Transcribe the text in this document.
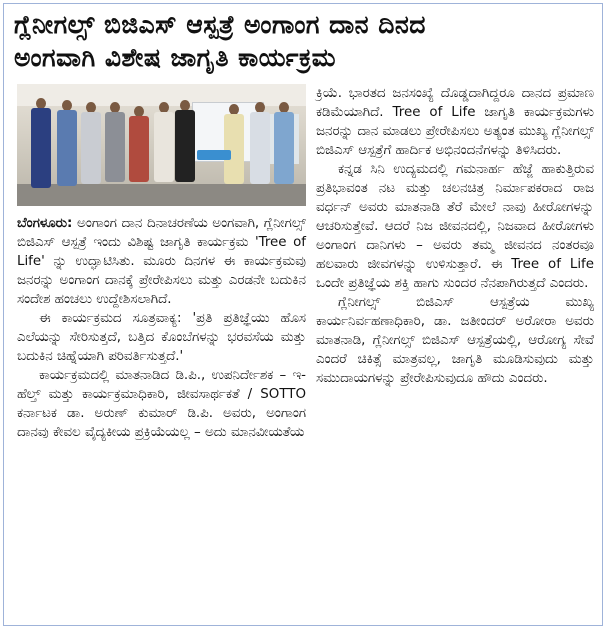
ಗ್ಲೆನೀಗಲ್ಸ್ ಬಿಜಿಎಸ್ ಆಸ್ಪತ್ರೆ ಅಂಗಾಂಗ ದಾನ ದಿನದ ಅಂಗವಾಗಿ ವಿಶೇಷ ಜಾಗೃತಿ ಕಾರ್ಯಕ್ರಮ

ಬೆಂಗಳೂರು: ಅಂಗಾಂಗ ದಾನ ದಿನಾಚರಣೆಯ ಅಂಗವಾಗಿ, ಗ್ಲೆನೀಗಲ್ಸ್ ಬಿಜಿಎಸ್ ಆಸ್ಪತ್ರೆ ಇಂದು ವಿಶಿಷ್ಟ ಜಾಗೃತಿ ಕಾರ್ಯಕ್ರಮ 'Tree of Life' ನ್ನು ಉದ್ಘಾಟಿಸಿತು. ಮೂರು ದಿನಗಳ ಈ ಕಾರ್ಯಕ್ರಮವು ಜನರನ್ನು ಅಂಗಾಂಗ ದಾನಕ್ಕೆ ಪ್ರೇರೇಪಿಸಲು ಮತ್ತು ಎರಡನೇ ಬದುಕಿನ ಸಂದೇಶ ಹಂಚಲು ಉದ್ದೇಶಿಸಲಾಗಿದೆ.

ಈ ಕಾರ್ಯಕ್ರಮದ ಸೂತ್ರವಾಕ್ಯ: 'ಪ್ರತಿ ಪ್ರತಿಜ್ಞೆಯು ಹೊಸ ಎಲೆಯನ್ನು ಸೇರಿಸುತ್ತದೆ, ಬತ್ತಿದ ಕೊಂಬೆಗಳನ್ನು ಭರವಸೆಯ ಮತ್ತು ಬದುಕಿನ ಚಿಹ್ನೆಯಾಗಿ ಪರಿವರ್ತಿಸುತ್ತದೆ.'

ಕಾರ್ಯಕ್ರಮದಲ್ಲಿ ಮಾತನಾಡಿದ ಡಿ.ಪಿ., ಉಪನಿರ್ದೇಶಕ – ಇ-ಹೆಲ್ತ್ ಮತ್ತು ಕಾರ್ಯಕ್ರಮಾಧಿಕಾರಿ, ಜೀವಸಾರ್ಥಕತೆ / SOTTO ಕರ್ನಾಟಕ ಡಾ. ಅರುಣ್ ಕುಮಾರ್ ಡಿ.ಪಿ. ಅವರು, ಅಂಗಾಂಗ ದಾನವು ಕೇವಲ ವೈದ್ಯಕೀಯ ಪ್ರಕ್ರಿಯೆಯಲ್ಲ – ಅದು ಮಾನವೀಯತೆಯ

ಕ್ರಿಯೆ. ಭಾರತದ ಜನಸಂಖ್ಯೆ ದೊಡ್ಡದಾಗಿದ್ದರೂ ದಾನದ ಪ್ರಮಾಣ ಕಡಿಮೆಯಾಗಿದೆ. Tree of Life ಜಾಗೃತಿ ಕಾರ್ಯಕ್ರಮಗಳು ಜನರನ್ನು ದಾನ ಮಾಡಲು ಪ್ರೇರೇಪಿಸಲು ಅತ್ಯಂತ ಮುಖ್ಯ ಗ್ಲೆನೀಗಲ್ಸ್ ಬಿಜಿಎಸ್ ಆಸ್ಪತ್ರೆಗೆ ಹಾರ್ದಿಕ ಅಭಿನಂದನೆಗಳನ್ನು ತಿಳಿಸಿದರು.

ಕನ್ನಡ ಸಿನಿ ಉದ್ಯಮದಲ್ಲಿ ಗಮನಾರ್ಹ ಹೆಜ್ಜೆ ಹಾಕುತ್ತಿರುವ ಪ್ರತಿಭಾವಂತ ನಟ ಮತ್ತು ಚಲನಚಿತ್ರ ನಿರ್ಮಾಪಕರಾದ ರಾಜ ವರ್ಧನ್ ಅವರು ಮಾತನಾಡಿ ತೆರೆ ಮೇಲೆ ನಾವು ಹೀರೋಗಳನ್ನು ಆಚರಿಸುತ್ತೇವೆ. ಆದರೆ ನಿಜ ಜೀವನದಲ್ಲಿ, ನಿಜವಾದ ಹೀರೋಗಳು ಅಂಗಾಂಗ ದಾನಿಗಳು – ಅವರು ತಮ್ಮ ಜೀವನದ ನಂತರವೂ ಹಲವಾರು ಜೀವಗಳನ್ನು ಉಳಿಸುತ್ತಾರೆ. ಈ Tree of Life ಒಂದೇ ಪ್ರತಿಜ್ಞೆಯ ಶಕ್ತಿ ಹಾಗು ಸುಂದರ ನೆನಪಾಗಿರುತ್ತದೆ ಎಂದರು.

ಗ್ಲೆನೀಗಲ್ಸ್ ಬಿಜಿಎಸ್ ಆಸ್ಪತ್ರೆಯ ಮುಖ್ಯ ಕಾರ್ಯನಿರ್ವಹಣಾಧಿಕಾರಿ, ಡಾ. ಜತೀಂದರ್ ಅರೋರಾ ಅವರು ಮಾತನಾಡಿ, ಗ್ಲೆನೀಗಲ್ಸ್ ಬಿಜಿಎಸ್ ಆಸ್ಪತ್ರೆಯಲ್ಲಿ, ಆರೋಗ್ಯ ಸೇವೆ ಎಂದರೆ ಚಿಕಿತ್ಸೆ ಮಾತ್ರವಲ್ಲ, ಜಾಗೃತಿ ಮೂಡಿಸುವುದು ಮತ್ತು ಸಮುದಾಯಗಳನ್ನು ಪ್ರೇರೇಪಿಸುವುದೂ ಹೌದು ಎಂದರು.
